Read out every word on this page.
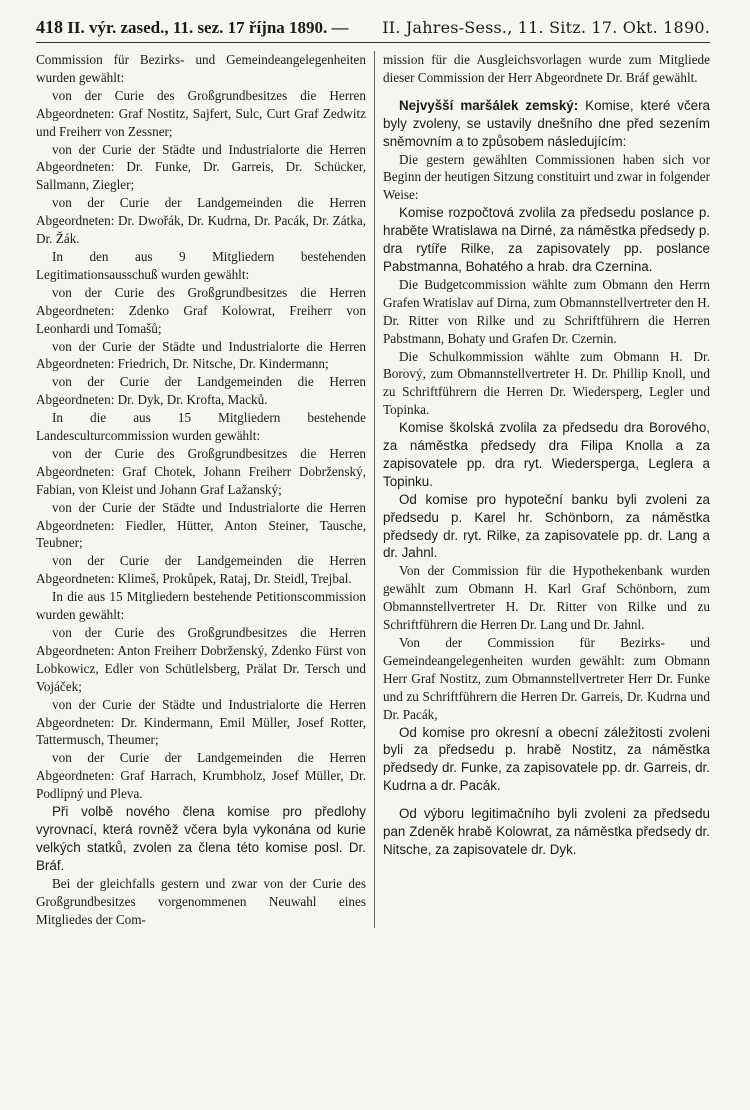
418 II. výr. zased., 11. sez. 17 října 1890. — II. Jahres-Sess., 11. Sitz. 17. Okt. 1890.

Commission für Bezirks- und Gemeindeangelegenheiten wurden gewählt:

von der Curie des Großgrundbesitzes die Herren Abgeordneten: Graf Nostitz, Sajfert, Sulc, Curt Graf Zedwitz und Freiherr von Zessner;

von der Curie der Städte und Industrialorte die Herren Abgeordneten: Dr. Funke, Dr. Garreis, Dr. Schücker, Sallmann, Ziegler;

von der Curie der Landgemeinden die Herren Abgeordneten: Dr. Dwořák, Dr. Kudrna, Dr. Pacák, Dr. Zátka, Dr. Žák.

In den aus 9 Mitgliedern bestehenden Legitimationsausschuß wurden gewählt:

von der Curie des Großgrundbesitzes die Herren Abgeordneten: Zdenko Graf Kolowrat, Freiherr von Leonhardi und Tomašů;

von der Curie der Städte und Industrialorte die Herren Abgeordneten: Friedrich, Dr. Nitsche, Dr. Kindermann;

von der Curie der Landgemeinden die Herren Abgeordneten: Dr. Dyk, Dr. Krofta, Macků.

In die aus 15 Mitgliedern bestehende Landesculturcommission wurden gewählt:

von der Curie des Großgrundbesitzes die Herren Abgeordneten: Graf Chotek, Johann Freiherr Dobrženský, Fabian, von Kleist und Johann Graf Lažanský;

von der Curie der Städte und Industrialorte die Herren Abgeordneten: Fiedler, Hütter, Anton Steiner, Tausche, Teubner;

von der Curie der Landgemeinden die Herren Abgeordneten: Klimeš, Prokůpek, Rataj, Dr. Steidl, Trejbal.

In die aus 15 Mitgliedern bestehende Petitionscommission wurden gewählt:

von der Curie des Großgrundbesitzes die Herren Abgeordneten: Anton Freiherr Dobrženský, Zdenko Fürst von Lobkowicz, Edler von Schütlelsberg, Prälat Dr. Tersch und Vojáček;

von der Curie der Städte und Industrialorte die Herren Abgeordneten: Dr. Kindermann, Emil Müller, Josef Rotter, Tattermusch, Theumer;

von der Curie der Landgemeinden die Herren Abgeordneten: Graf Harrach, Krumbholz, Josef Müller, Dr. Podlipný und Pleva.

Při volbě nového člena komise pro předlohy vyrovnací, která rovněž včera byla vykonána od kurie velkých statků, zvolen za člena této komise posl. Dr. Bráf.

Bei der gleichfalls gestern und zwar von der Curie des Großgrundbesitzes vorgenommenen Neuwahl eines Mitgliedes der Com-

mission für die Ausgleichsvorlagen wurde zum Mitgliede dieser Commission der Herr Abgeordnete Dr. Bráf gewählt.

Nejvyšší maršálek zemský: Komise, které včera byly zvoleny, se ustavily dnešního dne před sezením sněmovním a to způsobem následujícím:

Die gestern gewählten Commissionen haben sich vor Beginn der heutigen Sitzung constituirt und zwar in folgender Weise:

Komise rozpočtová zvolila za předsedu poslance p. hraběte Wratislawa na Dirné, za náměstka předsedy p. dra rytíře Rilke, za zapisovately pp. poslance Pabstmanna, Bohatého a hrab. dra Czernina.

Die Budgetcommission wählte zum Obmann den Herrn Grafen Wratislav auf Dirna, zum Obmannstellvertreter den H. Dr. Ritter von Rilke und zu Schriftführern die Herren Pabstmann, Bohaty und Grafen Dr. Czernin.

Die Schulkommission wählte zum Obmann H. Dr. Borový, zum Obmannstellvertreter H. Dr. Phillip Knoll, und zu Schriftführern die Herren Dr. Wiedersperg, Legler und Topinka.

Komise školská zvolila za předsedu dra Borového, za náměstka předsedy dra Filipa Knolla a za zapisovatele pp. dra ryt. Wiedersperga, Leglera a Topinku.

Od komise pro hypoteční banku byli zvoleni za předsedu p. Karel hr. Schönborn, za náměstka předsedy dr. ryt. Rilke, za zapisovatele pp. dr. Lang a dr. Jahnl.

Von der Commission für die Hypothekenbank wurden gewählt zum Obmann H. Karl Graf Schönborn, zum Obmannstellvertreter H. Dr. Ritter von Rilke und zu Schriftführern die Herren Dr. Lang und Dr. Jahnl.

Von der Commission für Bezirks- und Gemeindeangelegenheiten wurden gewählt: zum Obmann Herr Graf Nostitz, zum Obmannstellvertreter Herr Dr. Funke und zu Schriftführern die Herren Dr. Garreis, Dr. Kudrna und Dr. Pacák,

Od komise pro okresní a obecní záležitosti zvoleni byli za předsedu p. hrabě Nostitz, za náměstka předsedy dr. Funke, za zapisovatele pp. dr. Garreis, dr. Kudrna a dr. Pacák.

Od výboru legitimačního byli zvoleni za předsedu pan Zdeněk hrabě Kolowrat, za náměstka předsedy dr. Nitsche, za zapisovatele dr. Dyk.
